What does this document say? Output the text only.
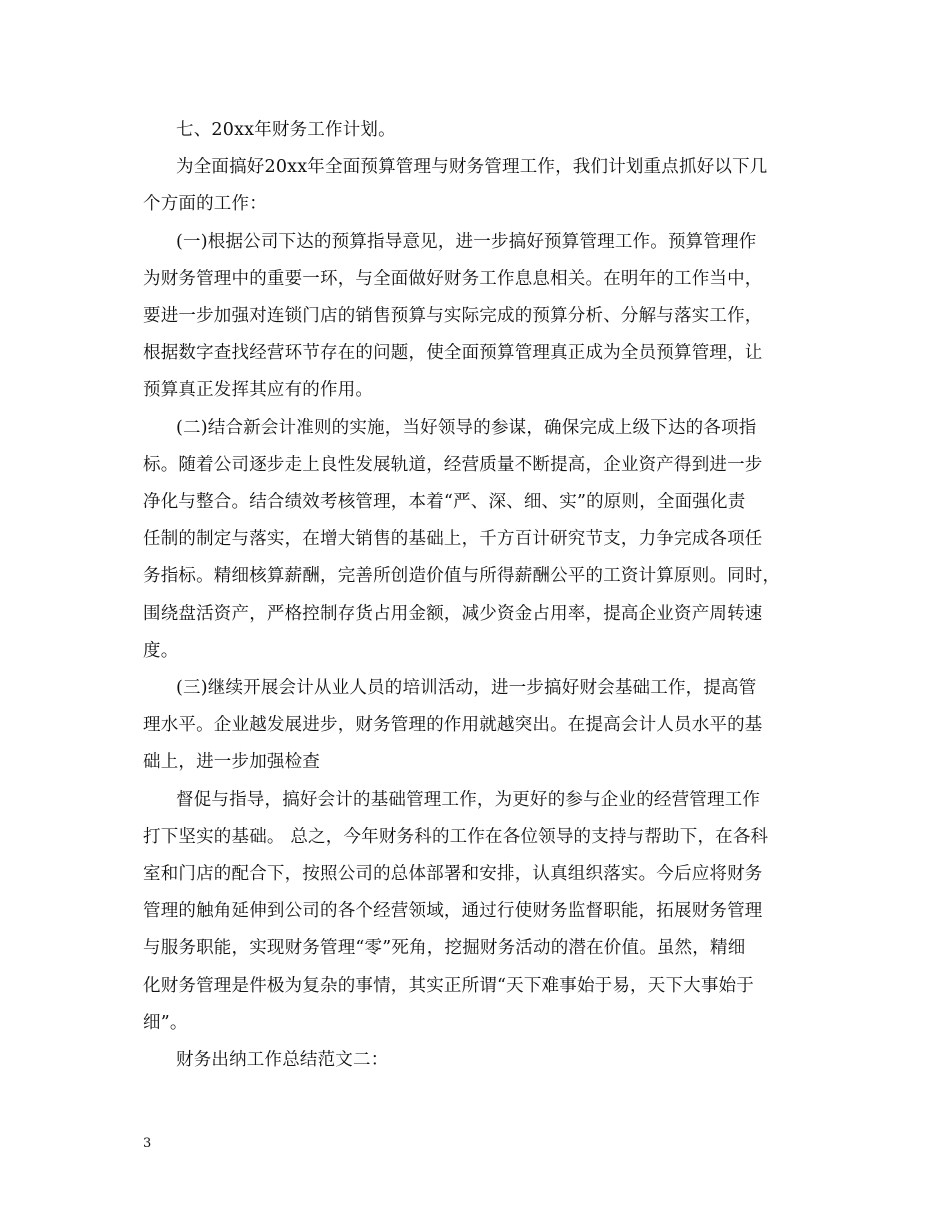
七、20xx年财务工作计划。

为全面搞好20xx年全面预算管理与财务管理工作，我们计划重点抓好以下几
个方面的工作：

(一)根据公司下达的预算指导意见，进一步搞好预算管理工作。预算管理作
为财务管理中的重要一环，与全面做好财务工作息息相关。在明年的工作当中，
要进一步加强对连锁门店的销售预算与实际完成的预算分析、分解与落实工作，
根据数字查找经营环节存在的问题，使全面预算管理真正成为全员预算管理，让
预算真正发挥其应有的作用。

(二)结合新会计准则的实施，当好领导的参谋，确保完成上级下达的各项指
标。随着公司逐步走上良性发展轨道，经营质量不断提高，企业资产得到进一步
净化与整合。结合绩效考核管理，本着“严、深、细、实”的原则，全面强化责
任制的制定与落实，在增大销售的基础上，千方百计研究节支，力争完成各项任
务指标。精细核算薪酬，完善所创造价值与所得薪酬公平的工资计算原则。同时，
围绕盘活资产，严格控制存货占用金额，减少资金占用率，提高企业资产周转速
度。

(三)继续开展会计从业人员的培训活动，进一步搞好财会基础工作，提高管
理水平。企业越发展进步，财务管理的作用就越突出。在提高会计人员水平的基
础上，进一步加强检查

督促与指导，搞好会计的基础管理工作，为更好的参与企业的经营管理工作
打下坚实的基础。 总之，今年财务科的工作在各位领导的支持与帮助下，在各科
室和门店的配合下，按照公司的总体部署和安排，认真组织落实。今后应将财务
管理的触角延伸到公司的各个经营领域，通过行使财务监督职能，拓展财务管理
与服务职能，实现财务管理“零”死角，挖掘财务活动的潜在价值。虽然，精细
化财务管理是件极为复杂的事情，其实正所谓“天下难事始于易，天下大事始于
细”。

财务出纳工作总结范文二：

3
